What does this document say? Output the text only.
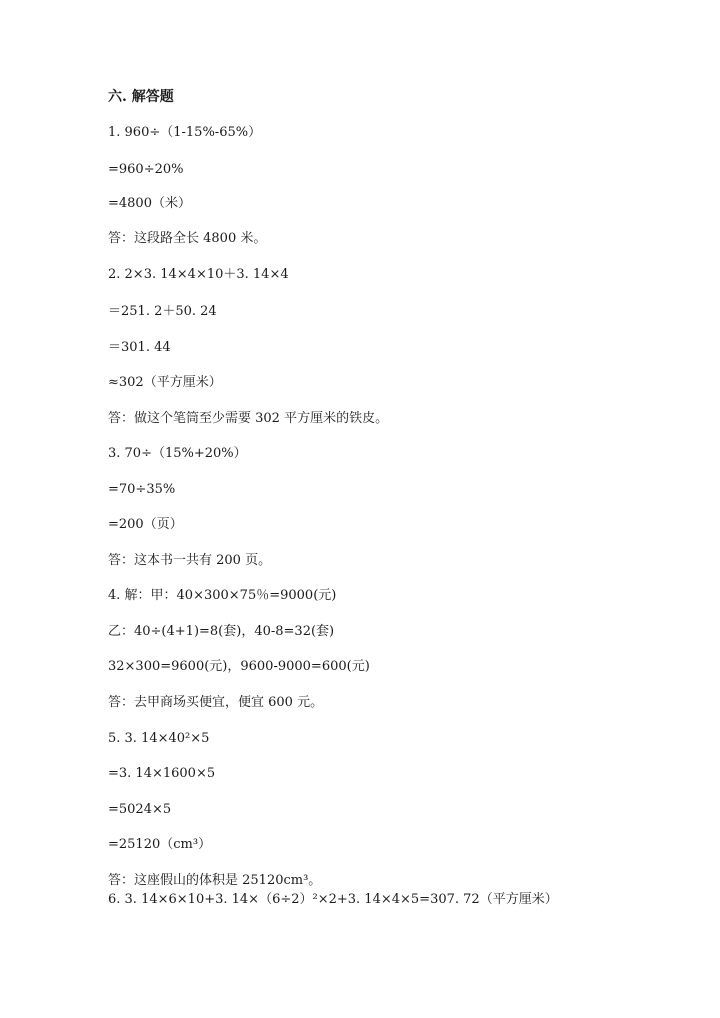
六. 解答题
1. 960÷（1-15%-65%）
=960÷20%
=4800（米）
答：这段路全长 4800 米。
2. 2×3. 14×4×10＋3. 14×4
＝251. 2＋50. 24
＝301. 44
≈302（平方厘米）
答：做这个笔筒至少需要 302 平方厘米的铁皮。
3. 70÷（15%+20%）
=70÷35%
=200（页）
答：这本书一共有 200 页。
4. 解：甲：40×300×75％=9000(元)
乙：40÷(4+1)=8(套)，40-8=32(套)
32×300=9600(元)，9600-9000=600(元)
答：去甲商场买便宜，便宜 600 元。
5. 3. 14×40²×5
=3. 14×1600×5
=5024×5
=25120（cm³）
答：这座假山的体积是 25120cm³。
6. 3. 14×6×10+3. 14×（6÷2）²×2+3. 14×4×5=307. 72（平方厘米）
